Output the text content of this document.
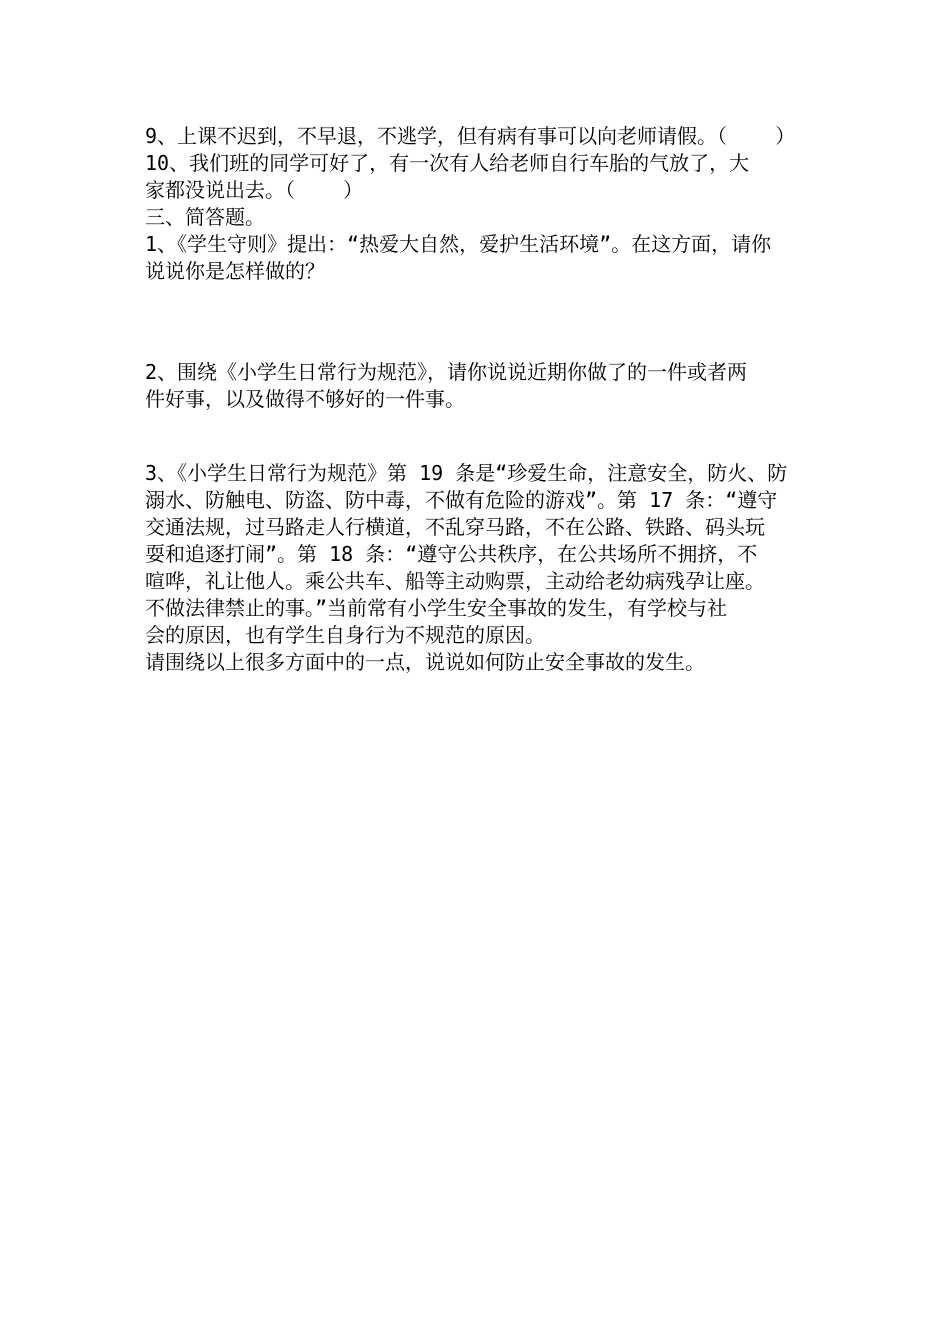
9、上课不迟到，不早退，不逃学，但有病有事可以向老师请假。（    ）
10、我们班的同学可好了，有一次有人给老师自行车胎的气放了，大
家都没说出去。（    ）
三、简答题。
1、《学生守则》提出：“热爱大自然，爱护生活环境”。在这方面，请你
说说你是怎样做的？
2、围绕《小学生日常行为规范》，请你说说近期你做了的一件或者两
件好事，以及做得不够好的一件事。
3、《小学生日常行为规范》第 19 条是“珍爱生命，注意安全，防火、防
溺水、防触电、防盗、防中毒，不做有危险的游戏”。第 17 条：“遵守
交通法规，过马路走人行横道，不乱穿马路，不在公路、铁路、码头玩
耍和追逐打闹”。第 18 条：“遵守公共秩序，在公共场所不拥挤，不
喧哗，礼让他人。乘公共车、船等主动购票，主动给老幼病残孕让座。
不做法律禁止的事。”当前常有小学生安全事故的发生，有学校与社
会的原因，也有学生自身行为不规范的原因。
请围绕以上很多方面中的一点，说说如何防止安全事故的发生。
